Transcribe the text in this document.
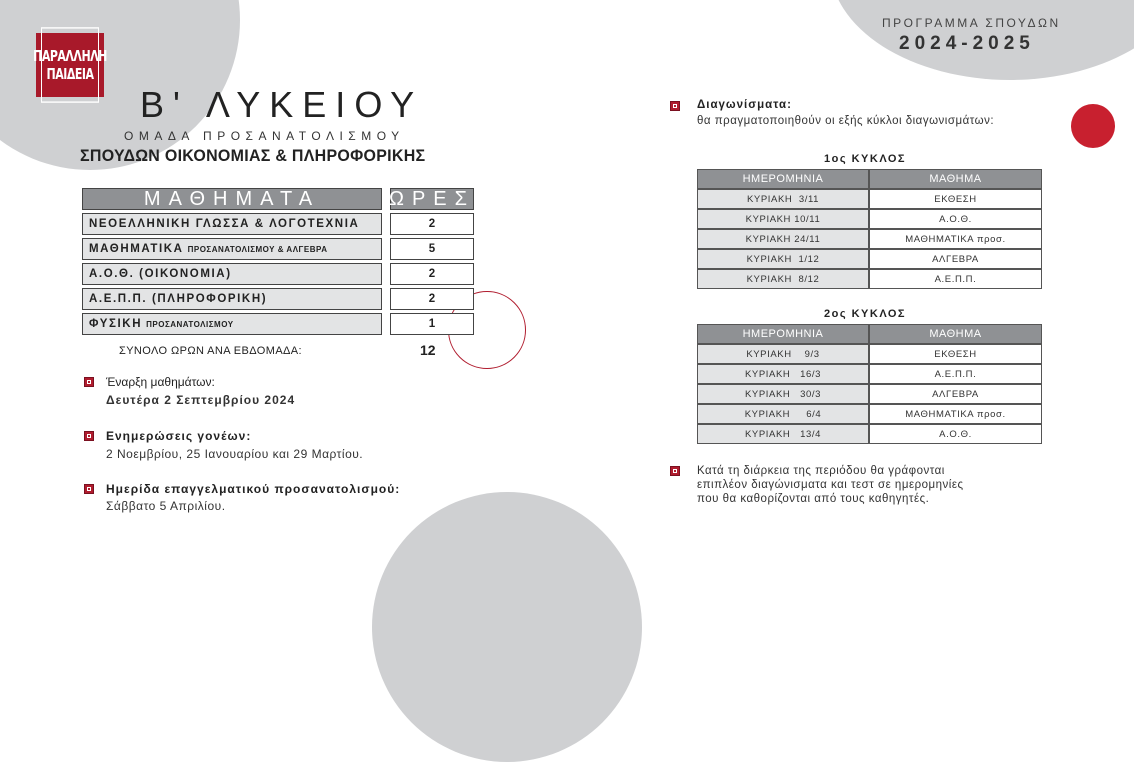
ΠΑΡΑΛΛΗΛΗ
ΠΑΙΔΕΙΑ
ΠΡΟΓΡΑΜΜΑ ΣΠΟΥΔΩΝ
2024-2025
Β' ΛΥΚΕΙΟΥ
ΟΜΑΔΑ ΠΡΟΣΑΝΑΤΟΛΙΣΜΟΥ
ΣΠΟΥΔΩΝ ΟΙΚΟΝΟΜΙΑΣ & ΠΛΗΡΟΦΟΡΙΚΗΣ
ΜΑΘΗΜΑΤΑ	ΩΡΕΣ
ΝΕΟΕΛΛΗΝΙΚΗ ΓΛΩΣΣΑ & ΛΟΓΟΤΕΧΝΙΑ	2
ΜΑΘΗΜΑΤΙΚΑ ΠΡΟΣΑΝΑΤΟΛΙΣΜΟΥ & ΑΛΓΕΒΡΑ	5
Α.Ο.Θ. (ΟΙΚΟΝΟΜΙΑ)	2
Α.Ε.Π.Π. (ΠΛΗΡΟΦΟΡΙΚΗ)	2
ΦΥΣΙΚΗ ΠΡΟΣΑΝΑΤΟΛΙΣΜΟΥ	1
ΣΥΝΟΛΟ ΩΡΩΝ ΑΝΑ ΕΒΔΟΜΑΔΑ:	12
Έναρξη μαθημάτων:
Δευτέρα 2 Σεπτεμβρίου 2024
Ενημερώσεις γονέων:
2 Νοεμβρίου, 25 Ιανουαρίου και 29 Μαρτίου.
Ημερίδα επαγγελματικού προσανατολισμού:
Σάββατο 5 Απριλίου.
Διαγωνίσματα:
θα πραγματοποιηθούν οι εξής κύκλοι διαγωνισμάτων:
1ος ΚΥΚΛΟΣ
ΗΜΕΡΟΜΗΝΙΑ	ΜΑΘΗΜΑ
ΚΥΡΙΑΚΗ  3/11	ΕΚΘΕΣΗ
ΚΥΡΙΑΚΗ 10/11	Α.Ο.Θ.
ΚΥΡΙΑΚΗ 24/11	ΜΑΘΗΜΑΤΙΚΑ προσ.
ΚΥΡΙΑΚΗ  1/12	ΑΛΓΕΒΡΑ
ΚΥΡΙΑΚΗ  8/12	Α.Ε.Π.Π.
2ος ΚΥΚΛΟΣ
ΗΜΕΡΟΜΗΝΙΑ	ΜΑΘΗΜΑ
ΚΥΡΙΑΚΗ    9/3	ΕΚΘΕΣΗ
ΚΥΡΙΑΚΗ   16/3	Α.Ε.Π.Π.
ΚΥΡΙΑΚΗ   30/3	ΑΛΓΕΒΡΑ
ΚΥΡΙΑΚΗ     6/4	ΜΑΘΗΜΑΤΙΚΑ προσ.
ΚΥΡΙΑΚΗ   13/4	Α.Ο.Θ.
Κατά τη διάρκεια της περιόδου θα γράφονται
επιπλέον διαγώνισματα και τεστ σε ημερομηνίες
που θα καθορίζονται από τους καθηγητές.
